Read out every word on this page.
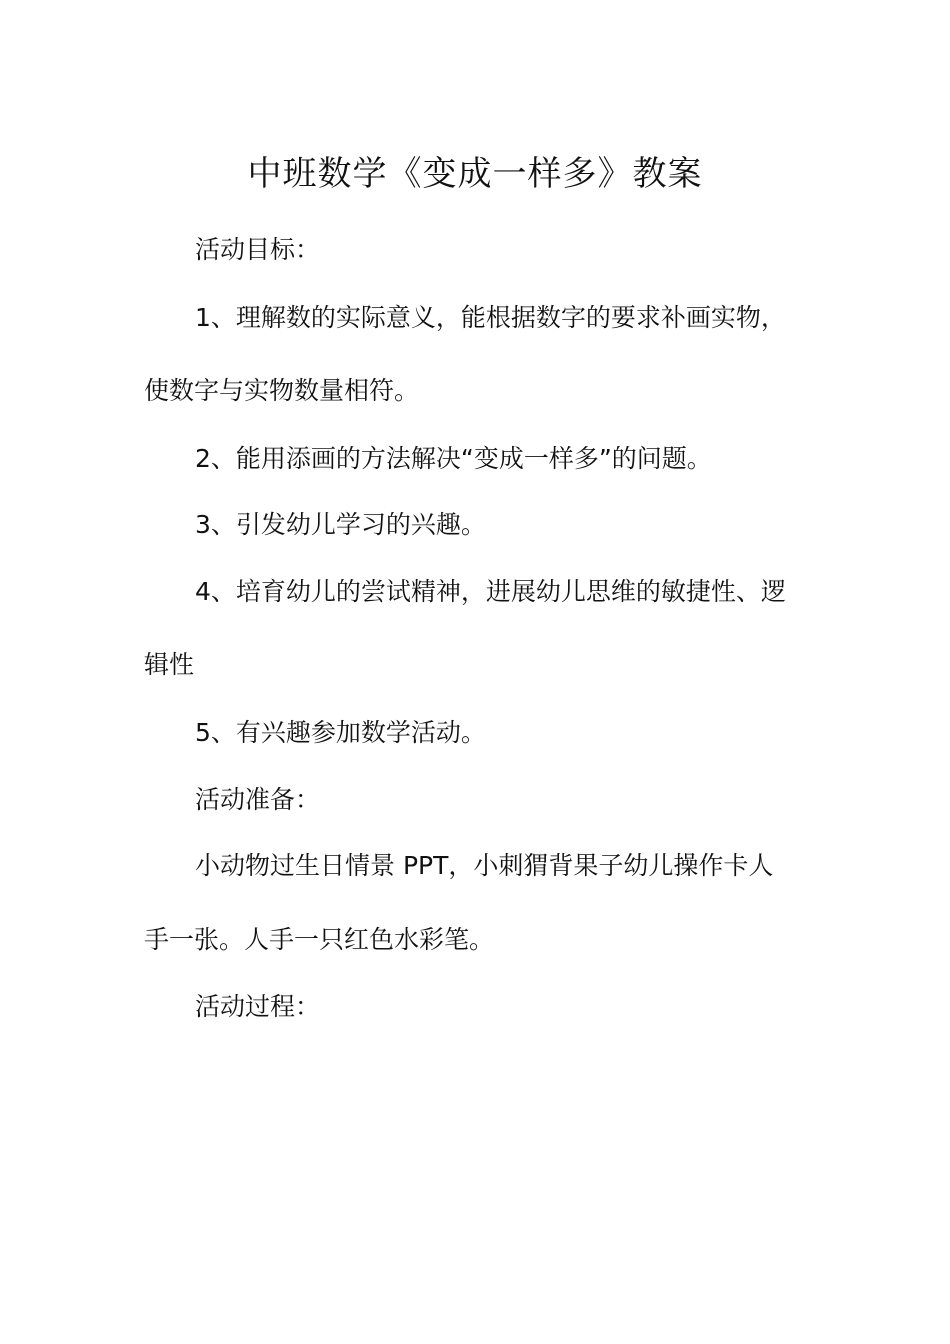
中班数学《变成一样多》教案

活动目标：

1、理解数的实际意义，能根据数字的要求补画实物，

使数字与实物数量相符。

2、能用添画的方法解决“变成一样多”的问题。

3、引发幼儿学习的兴趣。

4、培育幼儿的尝试精神，进展幼儿思维的敏捷性、逻

辑性

5、有兴趣参加数学活动。

活动准备：

小动物过生日情景 PPT，小刺猬背果子幼儿操作卡人

手一张。人手一只红色水彩笔。

活动过程：
